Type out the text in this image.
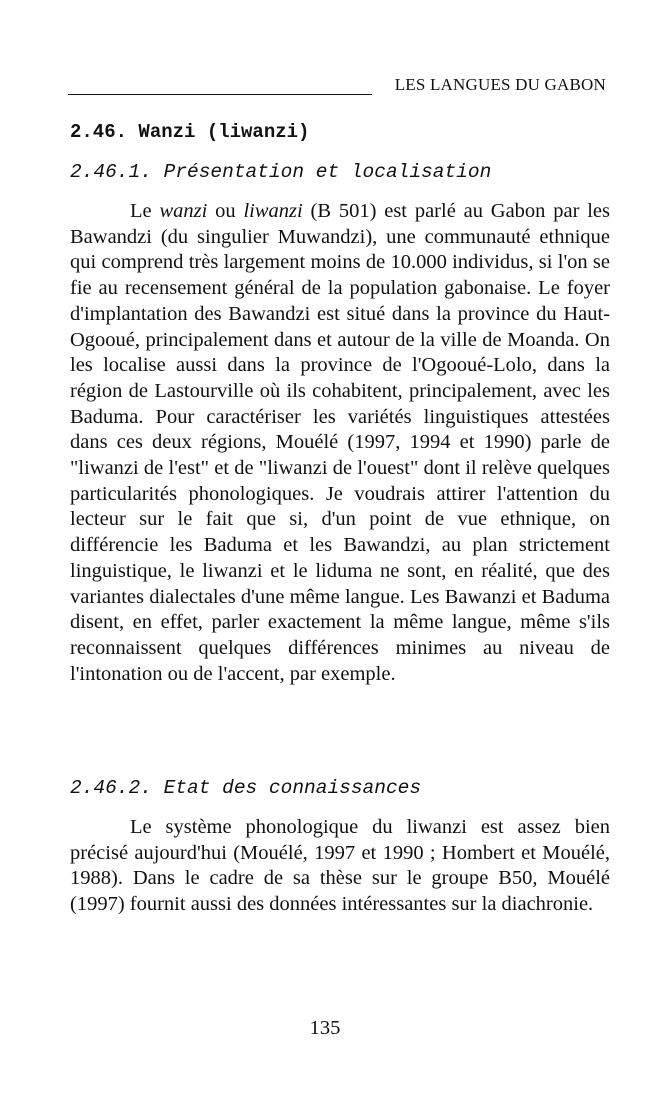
LES LANGUES DU GABON
2.46. Wanzi (liwanzi)
2.46.1. Présentation et localisation

Le wanzi ou liwanzi (B 501) est parlé au Gabon par les Bawandzi (du singulier Muwandzi), une communauté ethnique qui comprend très largement moins de 10.000 individus, si l'on se fie au recensement général de la population gabonaise. Le foyer d'implantation des Bawandzi est situé dans la province du Haut-Ogooué, principalement dans et autour de la ville de Moanda. On les localise aussi dans la province de l'Ogooué-Lolo, dans la région de Lastourville où ils cohabitent, principalement, avec les Baduma. Pour caractériser les variétés linguistiques attestées dans ces deux régions, Mouélé (1997, 1994 et 1990) parle de "liwanzi de l'est" et de "liwanzi de l'ouest" dont il relève quelques particularités phonologiques. Je voudrais attirer l'attention du lecteur sur le fait que si, d'un point de vue ethnique, on différencie les Baduma et les Bawandzi, au plan strictement linguistique, le liwanzi et le liduma ne sont, en réalité, que des variantes dialectales d'une même langue. Les Bawanzi et Baduma disent, en effet, parler exactement la même langue, même s'ils reconnaissent quelques différences minimes au niveau de l'intonation ou de l'accent, par exemple.

2.46.2. Etat des connaissances

Le système phonologique du liwanzi est assez bien précisé aujourd'hui (Mouélé, 1997 et 1990 ; Hombert et Mouélé, 1988). Dans le cadre de sa thèse sur le groupe B50, Mouélé (1997) fournit aussi des données intéressantes sur la diachronie.

135
